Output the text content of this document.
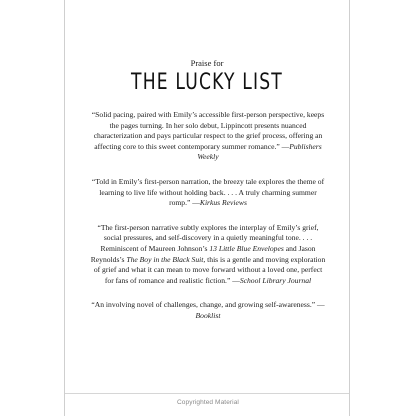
Praise for
THE LUCKY LIST

“Solid pacing, paired with Emily’s accessible first-person perspective, keeps the pages turning. In her solo debut, Lippincott presents nuanced characterization and pays particular respect to the grief process, offering an affecting core to this sweet contemporary summer romance.” —Publishers Weekly

“Told in Emily’s first-person narration, the breezy tale explores the theme of learning to live life without holding back. . . . A truly charming summer romp.” —Kirkus Reviews

“The first-person narrative subtly explores the interplay of Emily’s grief, social pressures, and self-discovery in a quietly meaningful tone. . . . Reminiscent of Maureen Johnson’s 13 Little Blue Envelopes and Jason Reynolds’s The Boy in the Black Suit, this is a gentle and moving exploration of grief and what it can mean to move forward without a loved one, perfect for fans of romance and realistic fiction.” —School Library Journal

“An involving novel of challenges, change, and growing self-awareness.” —Booklist

Copyrighted Material
